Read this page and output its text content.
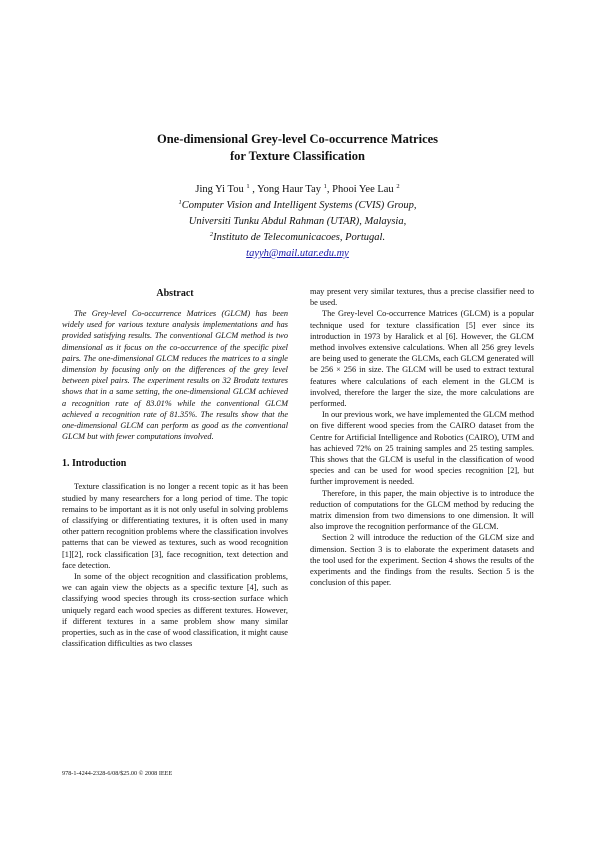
One-dimensional Grey-level Co-occurrence Matrices
for Texture Classification
Jing Yi Tou $^1$ , Yong Haur Tay $^1$, Phooi Yee Lau $^2$
$^1$Computer Vision and Intelligent Systems (CVIS) Group,
Universiti Tunku Abdul Rahman (UTAR), Malaysia,
$^2$Instituto de Telecomunicacoes, Portugal.
tayyh@mail.utar.edu.my
Abstract

The Grey-level Co-occurrence Matrices (GLCM) has been widely used for various texture analysis implementations and has provided satisfying results. The conventional GLCM method is two dimensional as it focus on the co-occurrence of the specific pixel pairs. The one-dimensional GLCM reduces the matrices to a single dimension by focusing only on the differences of the grey level between pixel pairs. The experiment results on 32 Brodatz textures shows that in a same setting, the one-dimensional GLCM achieved a recognition rate of 83.01% while the conventional GLCM achieved a recognition rate of 81.35%. The results show that the one-dimensional GLCM can perform as good as the conventional GLCM but with fewer computations involved.

1. Introduction

Texture classification is no longer a recent topic as it has been studied by many researchers for a long period of time. The topic remains to be important as it is not only useful in solving problems of classifying or differentiating textures, it is often used in many other pattern recognition problems where the classification involves patterns that can be viewed as textures, such as wood recognition [1][2], rock classification [3], face recognition, text detection and face detection.

In some of the object recognition and classification problems, we can again view the objects as a specific texture [4], such as classifying wood species through its cross-section surface which uniquely regard each wood species as different textures. However, if different textures in a same problem show many similar properties, such as in the case of wood classification, it might cause classification difficulties as two classes

may present very similar textures, thus a precise classifier need to be used.

The Grey-level Co-occurrence Matrices (GLCM) is a popular technique used for texture classification [5] ever since its introduction in 1973 by Haralick et al [6]. However, the GLCM method involves extensive calculations. When all 256 grey levels are being used to generate the GLCMs, each GLCM generated will be 256 × 256 in size. The GLCM will be used to extract textural features where calculations of each element in the GLCM is involved, therefore the larger the size, the more calculations are performed.

In our previous work, we have implemented the GLCM method on five different wood species from the CAIRO dataset from the Centre for Artificial Intelligence and Robotics (CAIRO), UTM and has achieved 72% on 25 training samples and 25 testing samples. This shows that the GLCM is useful in the classification of wood species and can be used for wood species recognition [2], but further improvement is needed.

Therefore, in this paper, the main objective is to introduce the reduction of computations for the GLCM method by reducing the matrix dimension from two dimensions to one dimension. It will also improve the recognition performance of the GLCM.

Section 2 will introduce the reduction of the GLCM size and dimension. Section 3 is to elaborate the experiment datasets and the tool used for the experiment. Section 4 shows the results of the experiments and the findings from the results. Section 5 is the conclusion of this paper.

978-1-4244-2328-6/08/$25.00 © 2008 IEEE
